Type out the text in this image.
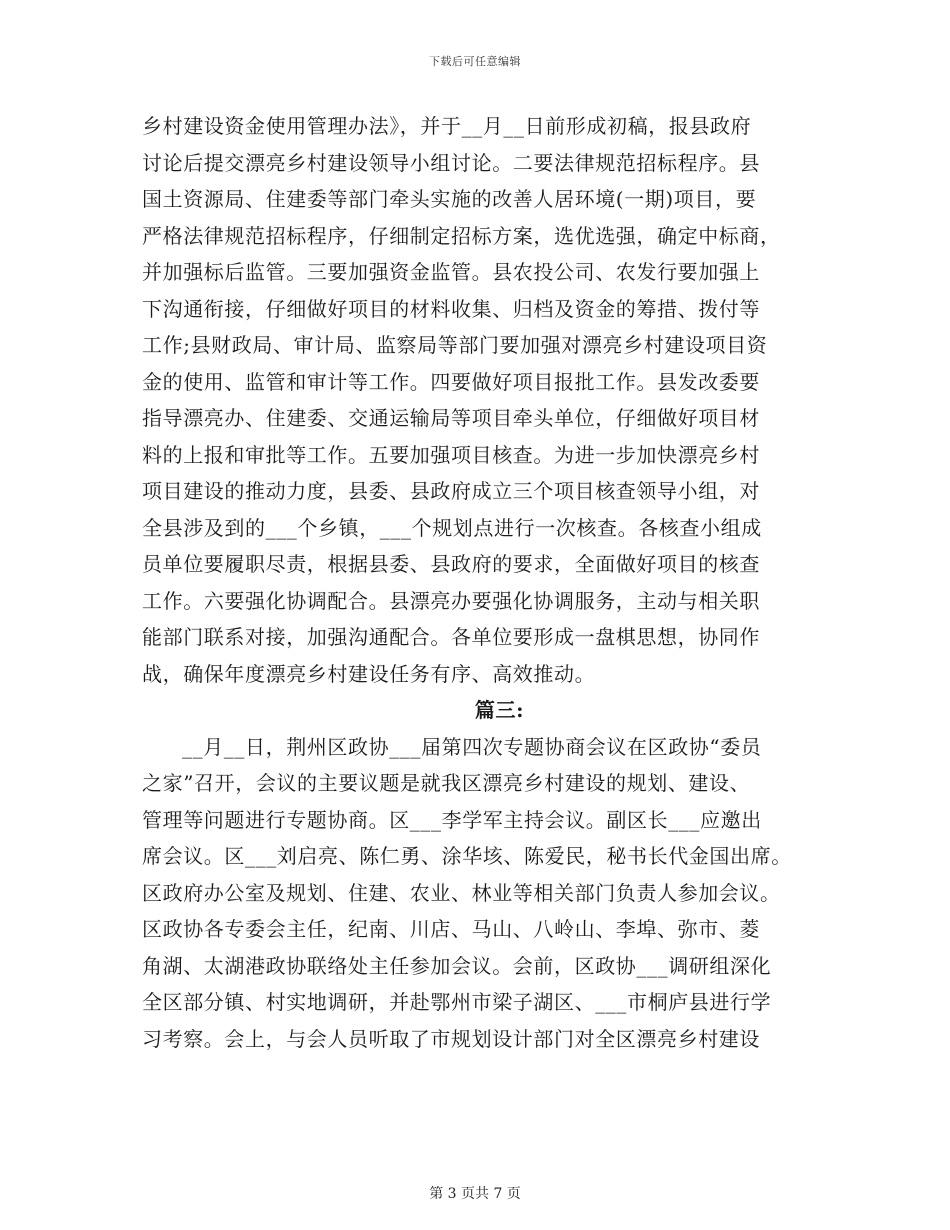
下载后可任意编辑
乡村建设资金使用管理办法》，并于__月__日前形成初稿，报县政府
讨论后提交漂亮乡村建设领导小组讨论。二要法律规范招标程序。县
国土资源局、住建委等部门牵头实施的改善人居环境(一期)项目，要
严格法律规范招标程序，仔细制定招标方案，选优选强，确定中标商，
并加强标后监管。三要加强资金监管。县农投公司、农发行要加强上
下沟通衔接，仔细做好项目的材料收集、归档及资金的筹措、拨付等
工作;县财政局、审计局、监察局等部门要加强对漂亮乡村建设项目资
金的使用、监管和审计等工作。四要做好项目报批工作。县发改委要
指导漂亮办、住建委、交通运输局等项目牵头单位，仔细做好项目材
料的上报和审批等工作。五要加强项目核查。为进一步加快漂亮乡村
项目建设的推动力度，县委、县政府成立三个项目核查领导小组，对
全县涉及到的___个乡镇，___个规划点进行一次核查。各核查小组成
员单位要履职尽责，根据县委、县政府的要求，全面做好项目的核查
工作。六要强化协调配合。县漂亮办要强化协调服务，主动与相关职
能部门联系对接，加强沟通配合。各单位要形成一盘棋思想，协同作
战，确保年度漂亮乡村建设任务有序、高效推动。
篇三:
__月__日，荆州区政协___届第四次专题协商会议在区政协“委员
之家”召开，会议的主要议题是就我区漂亮乡村建设的规划、建设、
管理等问题进行专题协商。区___李学军主持会议。副区长___应邀出
席会议。区___刘启亮、陈仁勇、涂华垓、陈爱民，秘书长代金国出席。
区政府办公室及规划、住建、农业、林业等相关部门负责人参加会议。
区政协各专委会主任，纪南、川店、马山、八岭山、李埠、弥市、菱
角湖、太湖港政协联络处主任参加会议。会前，区政协___调研组深化
全区部分镇、村实地调研，并赴鄂州市梁子湖区、___市桐庐县进行学
习考察。会上，与会人员听取了市规划设计部门对全区漂亮乡村建设
第 3 页共 7 页
